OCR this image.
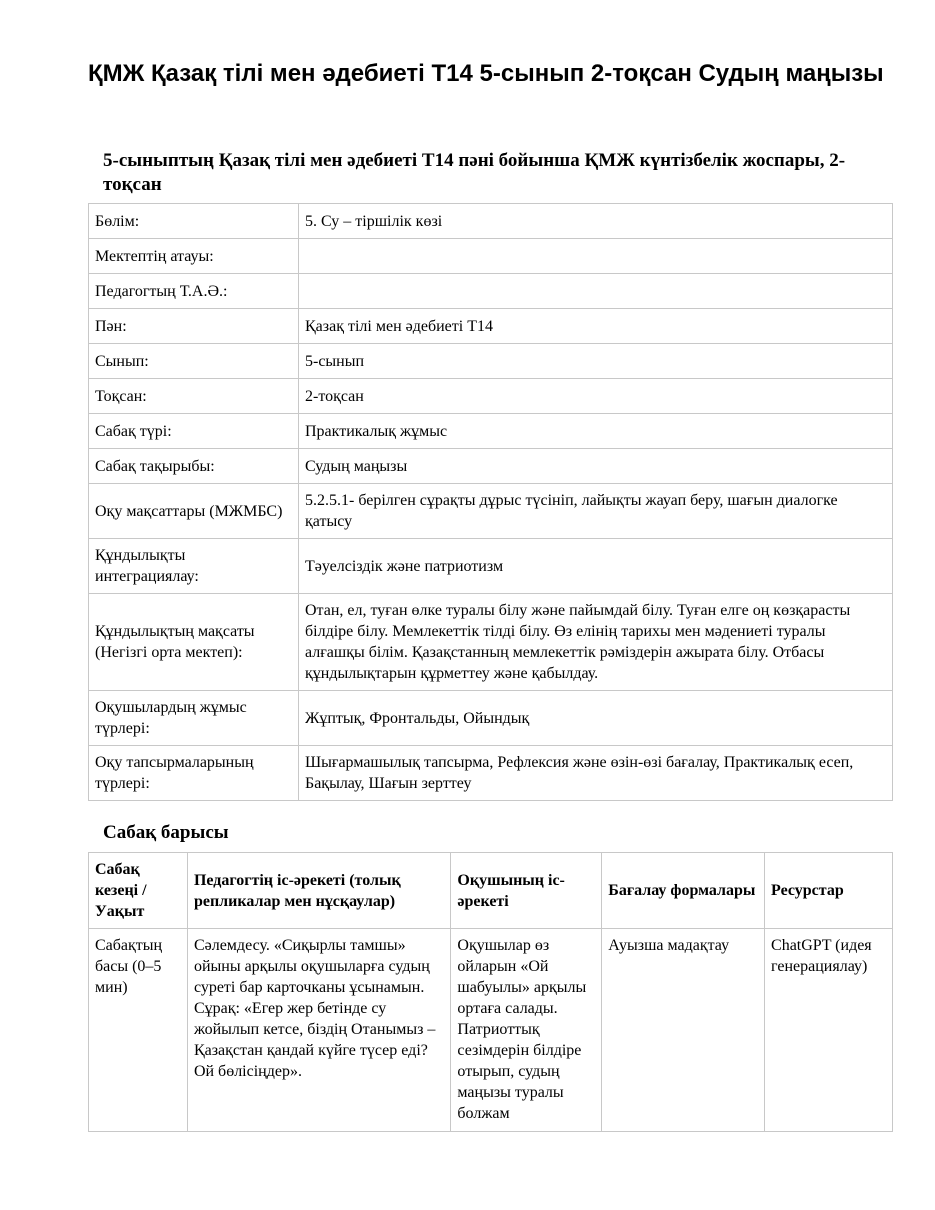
ҚМЖ Қазақ тілі мен әдебиеті Т14 5-сынып 2-тоқсан Судың маңызы
5-сыныптың Қазақ тілі мен әдебиеті Т14 пәні бойынша ҚМЖ күнтізбелік жоспары, 2-тоқсан
Бөлім:	5. Су – тіршілік көзі
Мектептің атауы:	
Педагогтың Т.А.Ә.:	
Пән:	Қазақ тілі мен әдебиеті Т14
Сынып:	5-сынып
Тоқсан:	2-тоқсан
Сабақ түрі:	Практикалық жұмыс
Сабақ тақырыбы:	Судың маңызы
Оқу мақсаттары (МЖМБС)	5.2.5.1- берілген сұрақты дұрыс түсініп, лайықты жауап беру, шағын диалогке қатысу
Құндылықты интеграциялау:	Тәуелсіздік және патриотизм
Құндылықтың мақсаты (Негізгі орта мектеп):	Отан, ел, туған өлке туралы білу және пайымдай білу. Туған елге оң көзқарасты білдіре білу. Мемлекеттік тілді білу. Өз елінің тарихы мен мәдениеті туралы алғашқы білім. Қазақстанның мемлекеттік рәміздерін ажырата білу. Отбасы құндылықтарын құрметтеу және қабылдау.
Оқушылардың жұмыс түрлері:	Жұптық, Фронтальды, Ойындық
Оқу тапсырмаларының түрлері:	Шығармашылық тапсырма, Рефлексия және өзін-өзі бағалау, Практикалық есеп, Бақылау, Шағын зерттеу
Сабақ барысы
Сабақ кезеңі / Уақыт	Педагогтің іс-әрекеті (толық репликалар мен нұсқаулар)	Оқушының іс-әрекеті	Бағалау формалары	Ресурстар
Сабақтың басы (0–5 мин)	Сәлемдесу. «Сиқырлы тамшы» ойыны арқылы оқушыларға судың суреті бар карточканы ұсынамын. Сұрақ: «Егер жер бетінде су жойылып кетсе, біздің Отанымыз – Қазақстан қандай күйге түсер еді? Ой бөлісіңдер».	Оқушылар өз ойларын «Ой шабуылы» арқылы ортаға салады. Патриоттық сезімдерін білдіре отырып, судың маңызы туралы болжам	Ауызша мадақтау	ChatGPT (идея генерациялау)
